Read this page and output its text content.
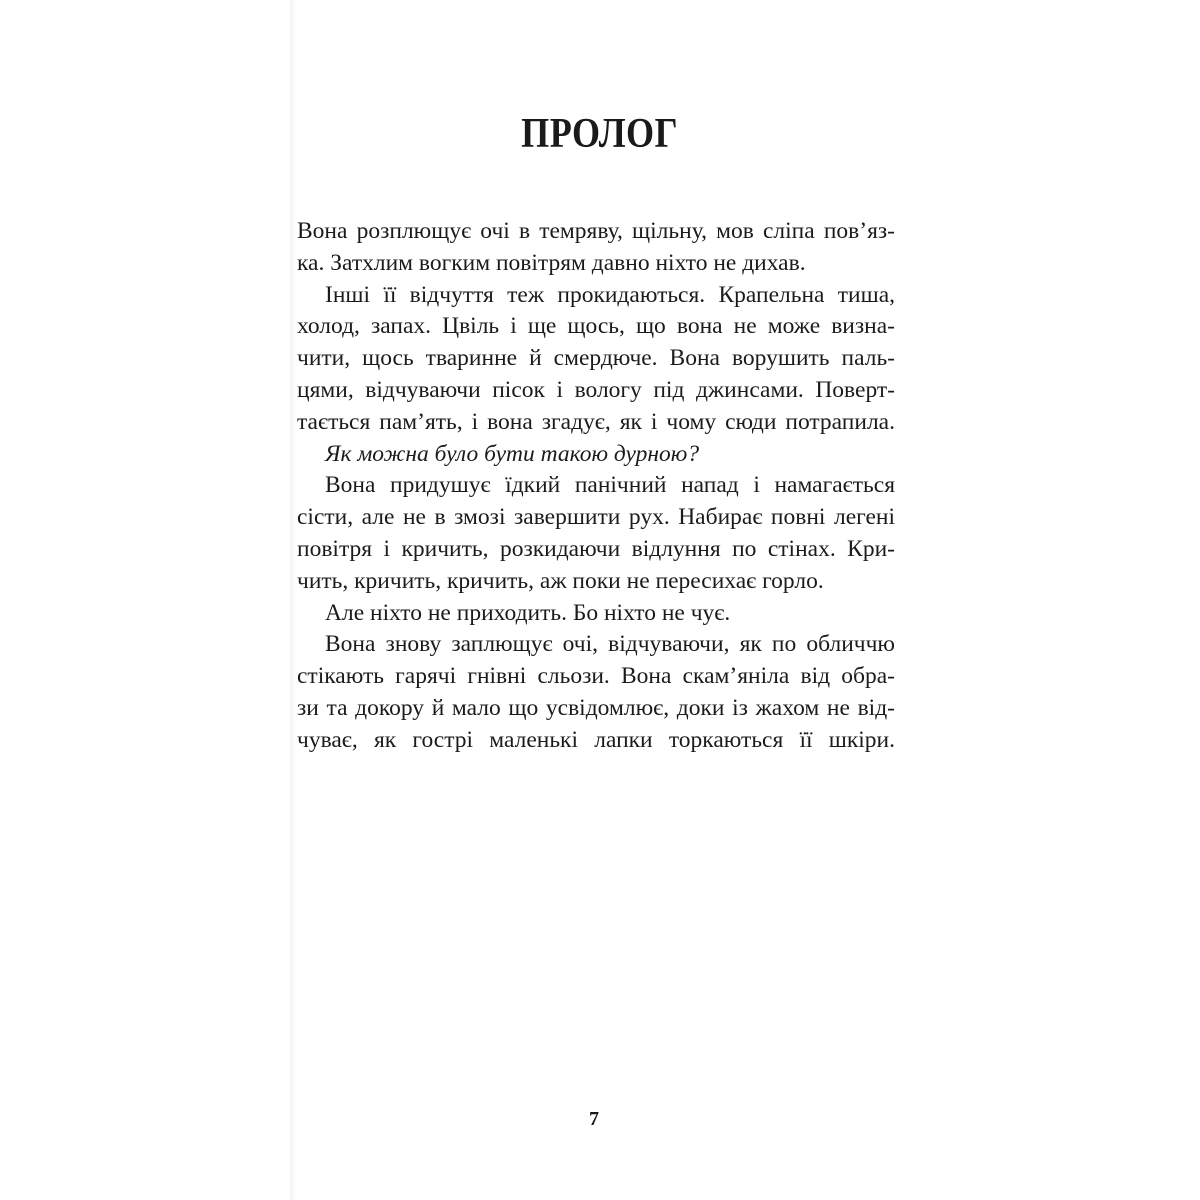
ПРОЛОГ
Вона розплющує очі в темряву, щільну, мов сліпа пов’яз-
ка. Затхлим вогким повітрям давно ніхто не дихав.
Інші її відчуття теж прокидаються. Крапельна тиша,
холод, запах. Цвіль і ще щось, що вона не може визна-
чити, щось тваринне й смердюче. Вона ворушить паль-
цями, відчуваючи пісок і вологу під джинсами. Поверт-
тається пам’ять, і вона згадує, як і чому сюди потрапила.
Як можна було бути такою дурною?
Вона придушує їдкий панічний напад і намагається
сісти, але не в змозі завершити рух. Набирає повні легені
повітря і кричить, розкидаючи відлуння по стінах. Кри-
чить, кричить, кричить, аж поки не пересихає горло.
Але ніхто не приходить. Бо ніхто не чує.
Вона знову заплющує очі, відчуваючи, як по обличчю
стікають гарячі гнівні сльози. Вона скам’яніла від обра-
зи та докору й мало що усвідомлює, доки із жахом не від-
чуває, як гострі маленькі лапки торкаються її шкіри.
7
